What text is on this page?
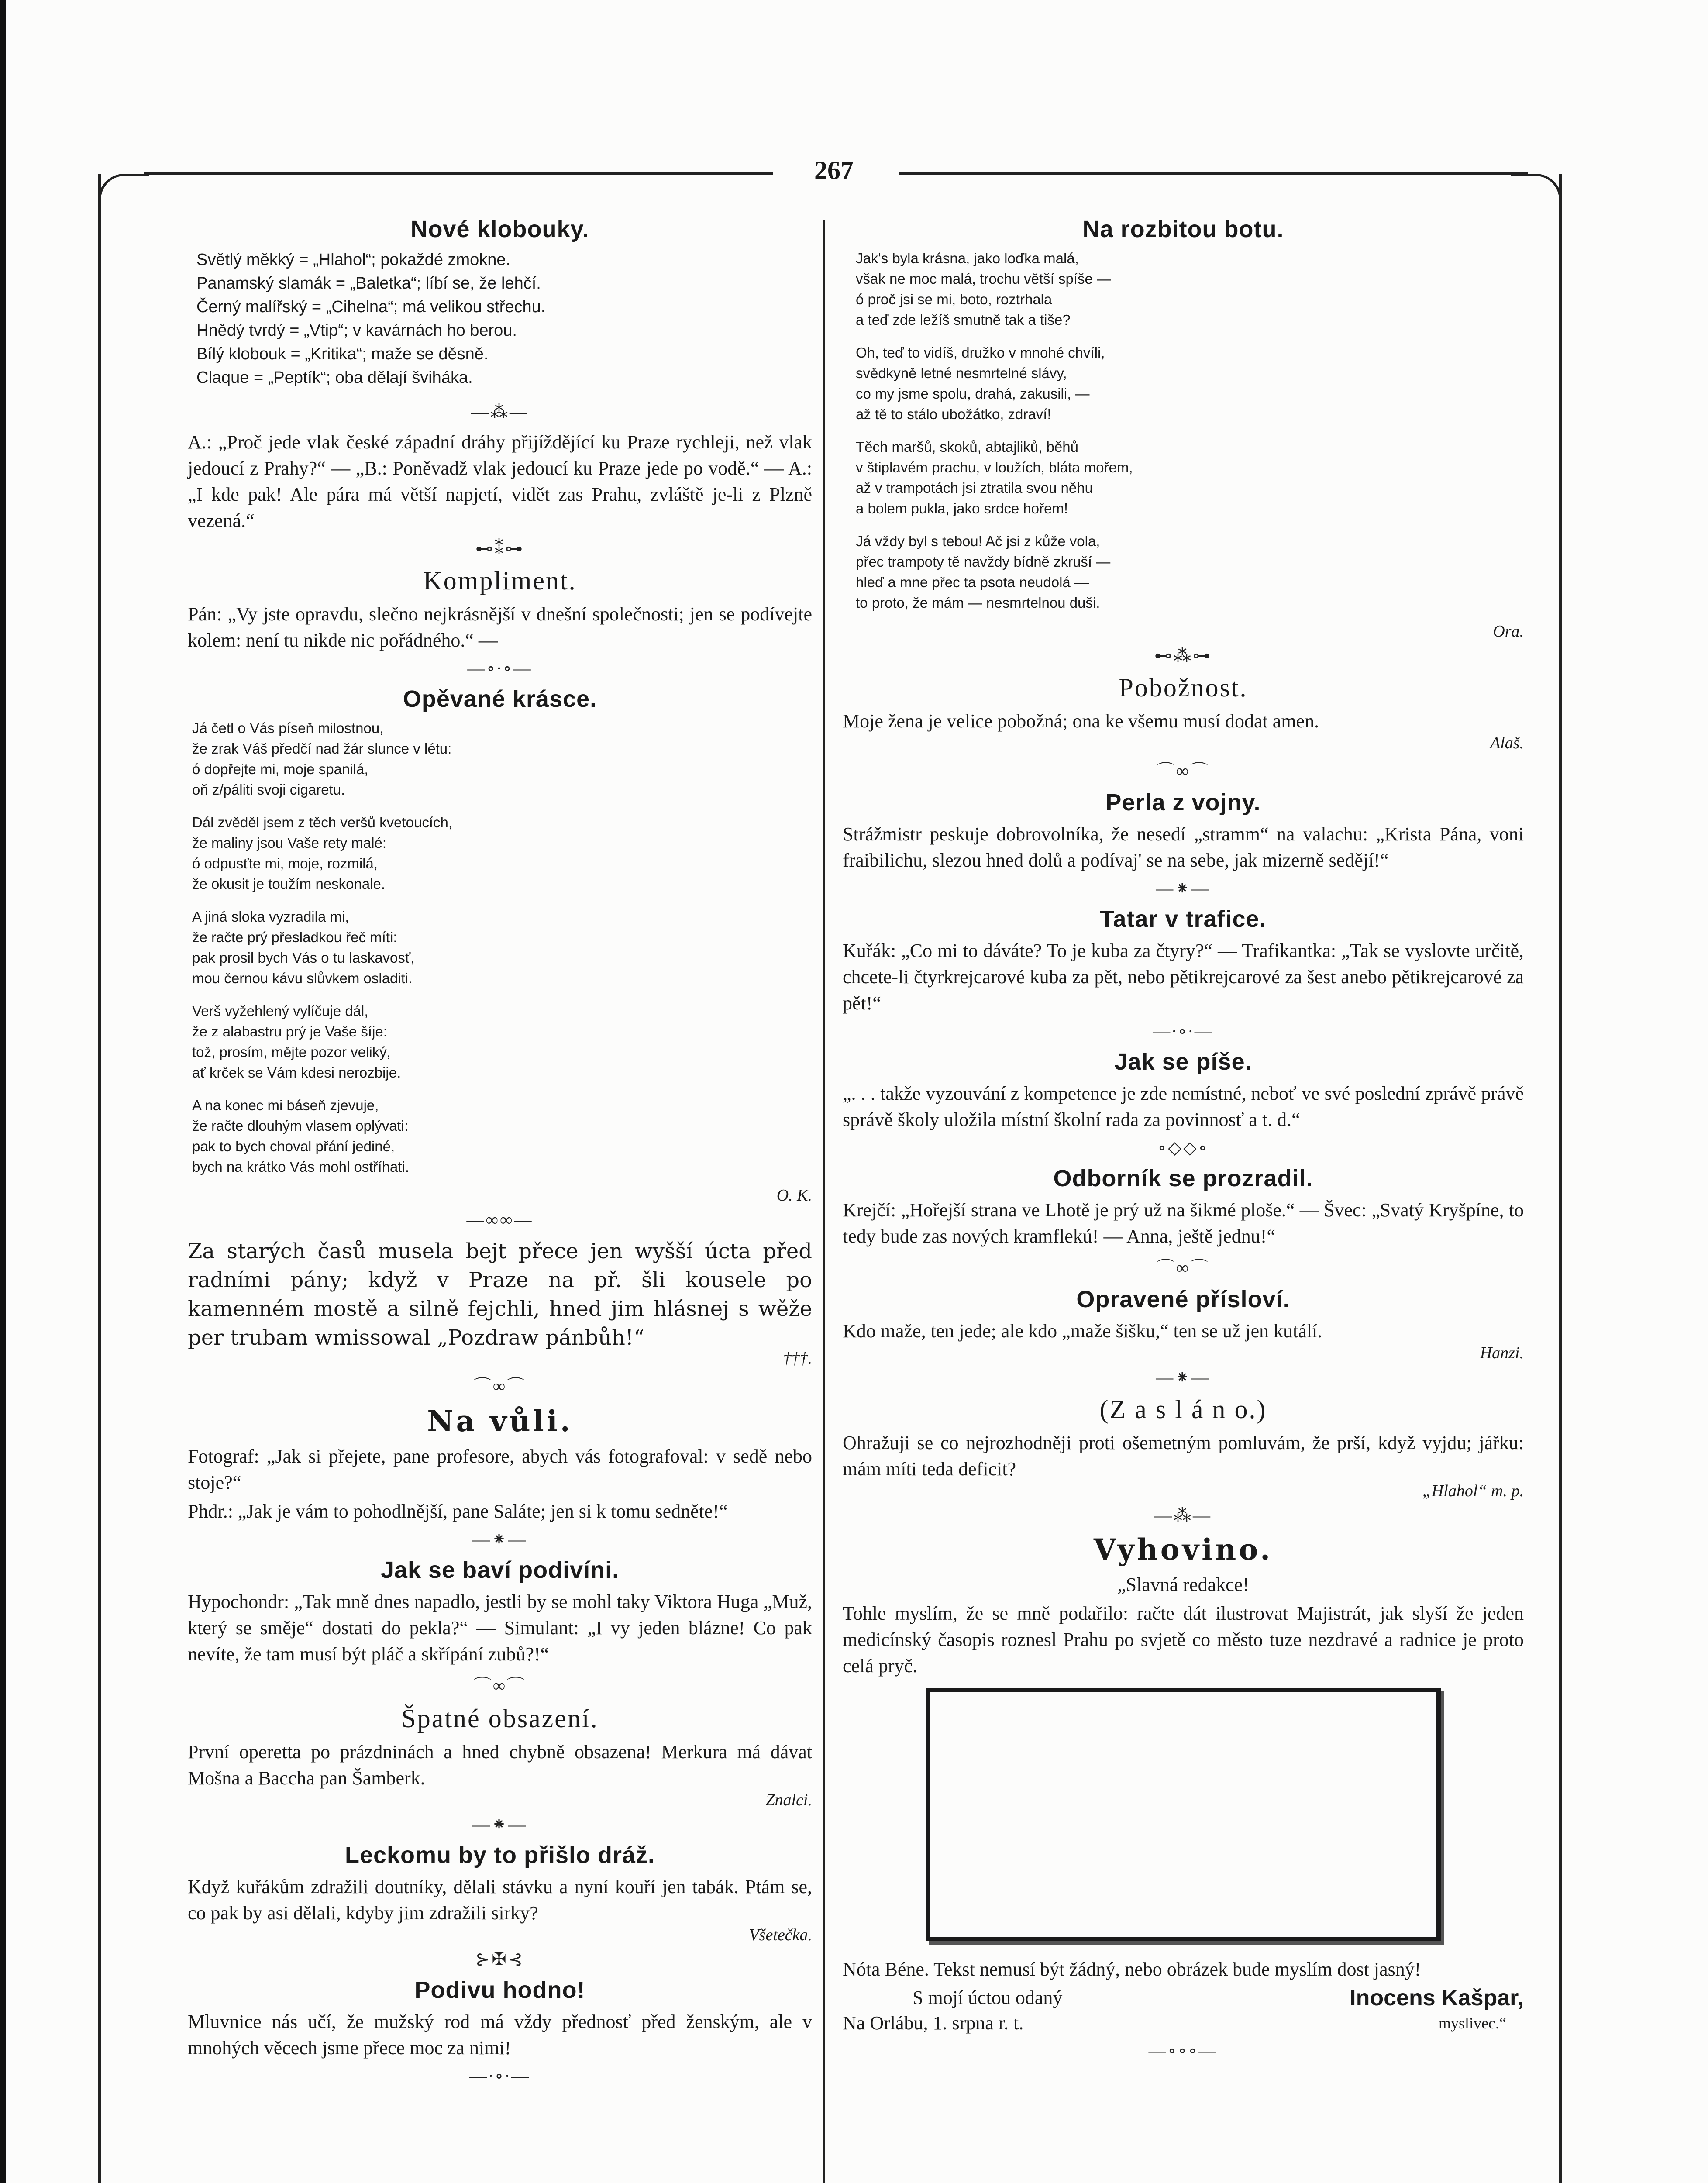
267
Nové klobouky.
Světlý měkký = „Hlahol“; pokaždé zmokne.
Panamský slamák = „Baletka“; líbí se, že lehčí.
Černý malířský = „Cihelna“; má velikou střechu.
Hnědý tvrdý = „Vtip“; v kavárnách ho berou.
Bílý klobouk = „Kritika“; maže se děsně.
Claque = „Peptík“; oba dělají šviháka.
—⁂—
A.: „Proč jede vlak české západní dráhy přijíždějící ku Praze rychleji, než vlak jedoucí z Prahy?“ — „B.: Poněvadž vlak jedoucí ku Praze jede po vodě.“ — A.: „I kde pak! Ale pára má větší napjetí, vidět zas Prahu, zvláště je-li z Plzně vezená.“
⊷⁑⊶
Kompliment.
Pán: „Vy jste opravdu, slečno nejkrásnější v dnešní společnosti; jen se podívejte kolem: není tu nikde nic pořádného.“ —
—∘∙∘—
Opěvané krásce.
Já četl o Vás píseň milostnou,
že zrak Váš předčí nad žár slunce v létu:
ó dopřejte mi, moje spanilá,
oň z/páliti svoji cigaretu.
Dál zvěděl jsem z těch veršů kvetoucích,
že maliny jsou Vaše rety malé:
ó odpusťte mi, moje, rozmilá,
že okusit je toužím neskonale.
A jiná sloka vyzradila mi,
že račte prý přesladkou řeč míti:
pak prosil bych Vás o tu laskavosť,
mou černou kávu slůvkem osladiti.
Verš vyžehlený vylíčuje dál,
že z alabastru prý je Vaše šíje:
tož, prosím, mějte pozor veliký,
ať krček se Vám kdesi nerozbije.
A na konec mi báseň zjevuje,
že račte dlouhým vlasem oplývati:
pak to bych choval přání jediné,
bych na krátko Vás mohl ostříhati.
O. K.
—∞∞—
Za starých časů musela bejt přece jen wyšší úcta před radními pány; když v Praze na př. šli kousele po kamenném mostě a silně fejchli, hned jim hlásnej s wěže per trubam wmissowal „Pozdraw pánbůh!“
†††.
⌒∞⌒
Na vůli.
Fotograf: „Jak si přejete, pane profesore, abych vás fotografoval: v sedě nebo stoje?“
Phdr.: „Jak je vám to pohodlnější, pane Saláte; jen si k tomu sedněte!“
—⁕—
Jak se baví podivíni.
Hypochondr: „Tak mně dnes napadlo, jestli by se mohl taky Viktora Huga „Muž, který se směje“ dostati do pekla?“ — Simulant: „I vy jeden blázne! Co pak nevíte, že tam musí být pláč a skřípání zubů?!“
⌒∞⌒
Špatné obsazení.
První operetta po prázdninách a hned chybně obsazena! Merkura má dávat Mošna a Baccha pan Šamberk.
Znalci.
—⁕—
Leckomu by to přišlo dráž.
Když kuřákům zdražili doutníky, dělali stávku a nyní kouří jen tabák. Ptám se, co pak by asi dělali, kdyby jim zdražili sirky?
Všetečka.
⊱✠⊰
Podivu hodno!
Mluvnice nás učí, že mužský rod má vždy přednosť před ženským, ale v mnohých věcech jsme přece moc za nimi!
—∙∘∙—
Na rozbitou botu.
Jak's byla krásna, jako loďka malá,
však ne moc malá, trochu větší spíše —
ó proč jsi se mi, boto, roztrhala
a teď zde ležíš smutně tak a tiše?
Oh, teď to vidíš, družko v mnohé chvíli,
svědkyně letné nesmrtelné slávy,
co my jsme spolu, drahá, zakusili, —
až tě to stálo ubožátko, zdraví!
Těch maršů, skoků, abtajliků, běhů
v štiplavém prachu, v loužích, bláta mořem,
až v trampotách jsi ztratila svou něhu
a bolem pukla, jako srdce hořem!
Já vždy byl s tebou! Ač jsi z kůže vola,
přec trampoty tě navždy bídně zkruší —
hleď a mne přec ta psota neudolá —
to proto, že mám — nesmrtelnou duši.
Ora.
⊷⁂⊶
Pobožnost.
Moje žena je velice pobožná; ona ke všemu musí dodat amen.
Alaš.
⌒∞⌒
Perla z vojny.
Strážmistr peskuje dobrovolníka, že nesedí „stramm“ na valachu: „Krista Pána, voni fraibilichu, slezou hned dolů a podívaj' se na sebe, jak mizerně sedějí!“
—⁕—
Tatar v trafice.
Kuřák: „Co mi to dáváte? To je kuba za čtyry?“ — Trafikantka: „Tak se vyslovte určitě, chcete-li čtyrkrejcarové kuba za pět, nebo pětikrejcarové za šest anebo pětikrejcarové za pět!“
—∙∘∙—
Jak se píše.
„. . . takže vyzouvání z kompetence je zde nemístné, neboť ve své poslední zprávě právě správě školy uložila místní školní rada za povinnosť a t. d.“
∘◇◇∘
Odborník se prozradil.
Krejčí: „Hořejší strana ve Lhotě je prý už na šikmé ploše.“ — Švec: „Svatý Kryšpíne, to tedy bude zas nových kramflekú! — Anna, ještě jednu!“
⌒∞⌒
Opravené přísloví.
Kdo maže, ten jede; ale kdo „maže šišku,“ ten se už jen kutálí.
Hanzi.
—⁕—
(Z a s l á n o.)
Ohražuji se co nejrozhodněji proti ošemetným pomluvám, že prší, když vyjdu; jářku: mám míti teda deficit?
„Hlahol“ m. p.
—⁂—
Vyhovino.
„Slavná redakce!
Tohle myslím, že se mně podařilo: račte dát ilustrovat Majistrát, jak slyší že jeden medicínský časopis roznesl Prahu po svjetě co město tuze nezdravé a radnice je proto celá pryč.
Nóta Béne. Tekst nemusí být žádný, nebo obrázek bude myslím dost jasný!
S mojí úctou odaný
Na Orlábu, 1. srpna r. t.
Inocens Kašpar,
myslivec.“
—∘∘∘—
